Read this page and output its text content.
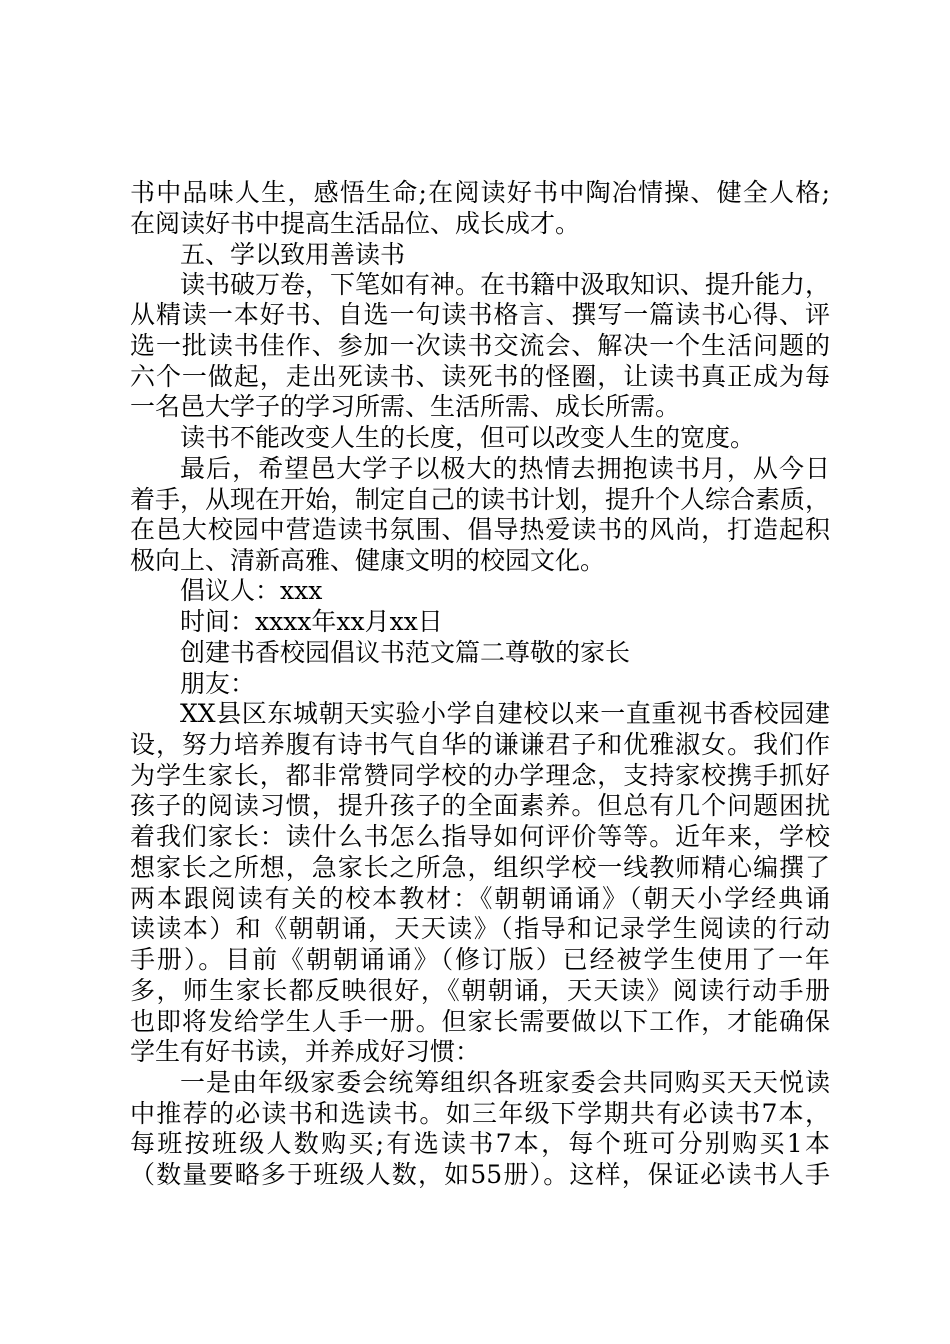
书中品味人生，感悟生命;在阅读好书中陶冶情操、健全人格;
在阅读好书中提高生活品位、成长成才。
五、学以致用善读书
读书破万卷，下笔如有神。在书籍中汲取知识、提升能力，
从精读一本好书、自选一句读书格言、撰写一篇读书心得、评
选一批读书佳作、参加一次读书交流会、解决一个生活问题的
六个一做起，走出死读书、读死书的怪圈，让读书真正成为每
一名邑大学子的学习所需、生活所需、成长所需。
读书不能改变人生的长度，但可以改变人生的宽度。
最后，希望邑大学子以极大的热情去拥抱读书月，从今日
着手，从现在开始，制定自己的读书计划，提升个人综合素质，
在邑大校园中营造读书氛围、倡导热爱读书的风尚，打造起积
极向上、清新高雅、健康文明的校园文化。
倡议人：xxx
时间：xxxx年xx月xx日
创建书香校园倡议书范文篇二尊敬的家长
朋友：
XX县区东城朝天实验小学自建校以来一直重视书香校园建
设，努力培养腹有诗书气自华的谦谦君子和优雅淑女。我们作
为学生家长，都非常赞同学校的办学理念，支持家校携手抓好
孩子的阅读习惯，提升孩子的全面素养。但总有几个问题困扰
着我们家长：读什么书怎么指导如何评价等等。近年来，学校
想家长之所想，急家长之所急，组织学校一线教师精心编撰了
两本跟阅读有关的校本教材：《朝朝诵诵》（朝天小学经典诵
读读本）和《朝朝诵，天天读》（指导和记录学生阅读的行动
手册）。目前《朝朝诵诵》（修订版）已经被学生使用了一年
多，师生家长都反映很好，《朝朝诵，天天读》阅读行动手册
也即将发给学生人手一册。但家长需要做以下工作，才能确保
学生有好书读，并养成好习惯：
一是由年级家委会统筹组织各班家委会共同购买天天悦读
中推荐的必读书和选读书。如三年级下学期共有必读书7本，
每班按班级人数购买;有选读书7本，每个班可分别购买1本
（数量要略多于班级人数，如55册）。这样，保证必读书人手
